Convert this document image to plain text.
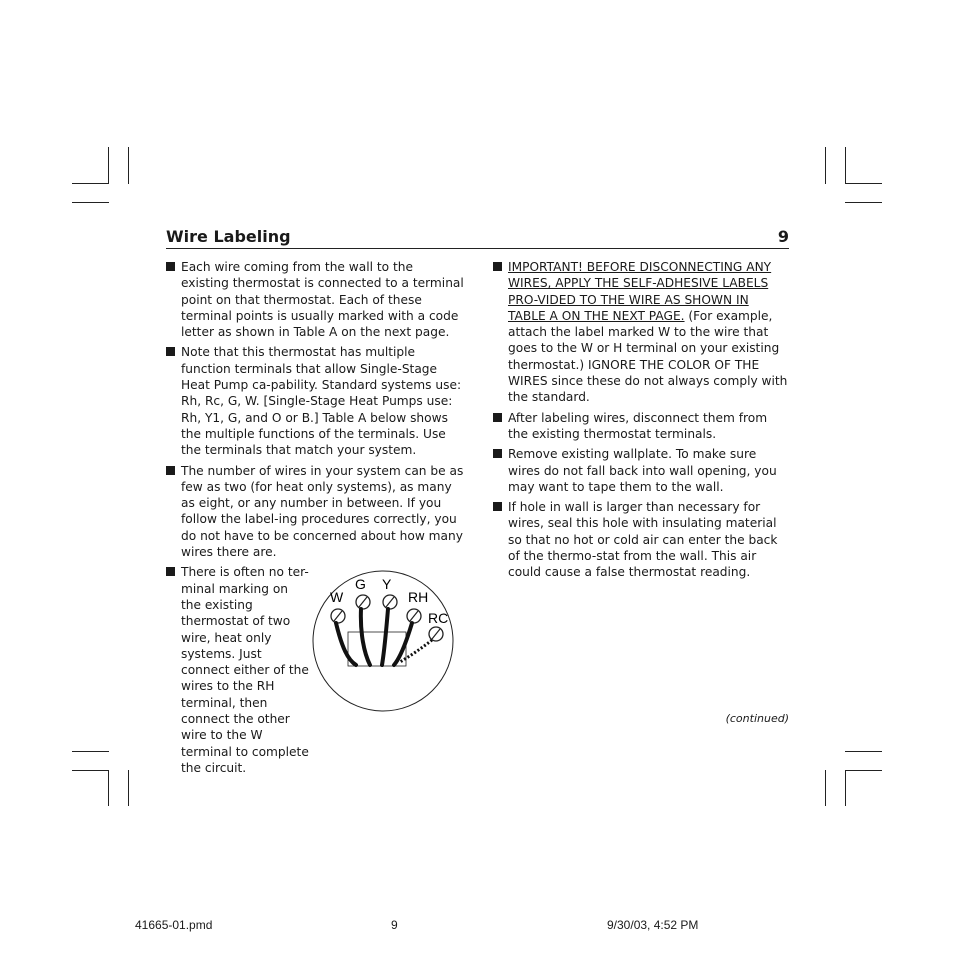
Wire Labeling	9
Each wire coming from the wall to the existing thermostat is connected to a terminal point on that thermostat. Each of these terminal points is usually marked with a code letter as shown in Table A on the next page.
Note that this thermostat has multiple function terminals that allow Single-Stage Heat Pump ca-pability. Standard systems use: Rh, Rc, G, W. [Single-Stage Heat Pumps use: Rh, Y1, G, and O or B.] Table A below shows the multiple functions of the terminals. Use the terminals that match your system.
The number of wires in your system can be as few as two (for heat only systems), as many as eight, or any number in between. If you follow the label-ing procedures correctly, you do not have to be concerned about how many wires there are.
There is often no ter-minal marking on the existing thermostat of two wire, heat only systems. Just connect either of the wires to the RH terminal, then connect the other wire to the W terminal to complete the circuit.
W
G Y
RH
RC
IMPORTANT! BEFORE DISCONNECTING ANY WIRES, APPLY THE SELF-ADHESIVE LABELS PRO-VIDED TO THE WIRE AS SHOWN IN TABLE A ON THE NEXT PAGE. (For example, attach the label marked W to the wire that goes to the W or H terminal on your existing thermostat.) IGNORE THE COLOR OF THE WIRES since these do not always comply with the standard.
After labeling wires, disconnect them from the existing thermostat terminals.
Remove existing wallplate. To make sure wires do not fall back into wall opening, you may want to tape them to the wall.
If hole in wall is larger than necessary for wires, seal this hole with insulating material so that no hot or cold air can enter the back of the thermo-stat from the wall. This air could cause a false thermostat reading.
(continued)
41665-01.pmd	9	9/30/03, 4:52 PM
